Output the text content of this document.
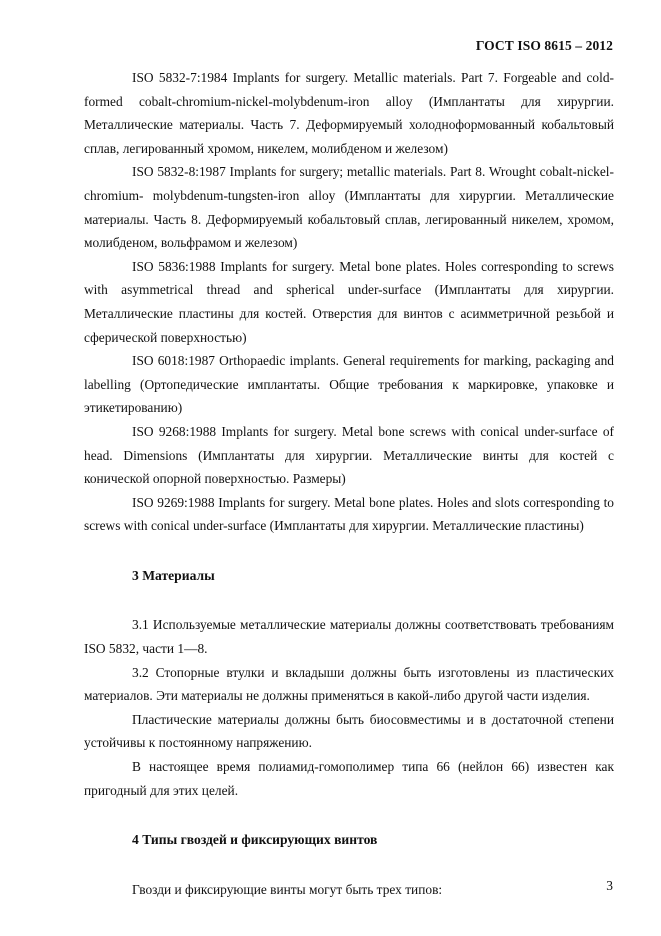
ГОСТ ISO 8615 – 2012

ISO 5832-7:1984 Implants for surgery. Metallic materials. Part 7. Forgeable and cold-formed cobalt-chromium-nickel-molybdenum-iron alloy (Имплантаты для хирургии. Металлические материалы. Часть 7. Деформируемый холоднoформованный кобальтовый сплав, легированный хромом, никелем, молибденом и железом)

ISO 5832-8:1987 Implants for surgery; metallic materials. Part 8. Wrought cobalt-nickel-chromium- molybdenum-tungsten-iron alloy (Имплантаты для хирургии. Металлические материалы. Часть 8. Деформируемый кобальтовый сплав, легированный никелем, хромом, молибденом, вольфрамом и железом)

ISO 5836:1988 Implants for surgery. Metal bone plates. Holes corresponding to screws with asymmetrical thread and spherical under-surface (Имплантаты для хирургии. Металлические пластины для костей. Отверстия для винтов с асимметричной резьбой и сферической поверхностью)

ISO 6018:1987 Orthopaedic implants. General requirements for marking, packaging and labelling (Ортопедические имплантаты. Общие требования к маркировке, упаковке и этикетированию)

ISO 9268:1988 Implants for surgery. Metal bone screws with conical under-surface of head. Dimensions (Имплантаты для хирургии. Металлические винты для костей с конической опорной поверхностью. Размеры)

ISO 9269:1988 Implants for surgery. Metal bone plates. Holes and slots corresponding to screws with conical under-surface (Имплантаты для хирургии. Металлические пластины)

3 Материалы

3.1 Используемые металлические материалы должны соответствовать требованиям ISO 5832, части 1—8.

3.2 Стопорные втулки и вкладыши должны быть изготовлены из пластических материалов. Эти материалы не должны применяться в какой-либо другой части изделия.

Пластические материалы должны быть биосовместимы и в достаточной степени устойчивы к постоянному напряжению.

В настоящее время полиамид-гомополимер типа 66 (нейлон 66) известен как пригодный для этих целей.

4 Типы гвоздей и фиксирующих винтов

Гвозди и фиксирующие винты могут быть трех типов:	3
